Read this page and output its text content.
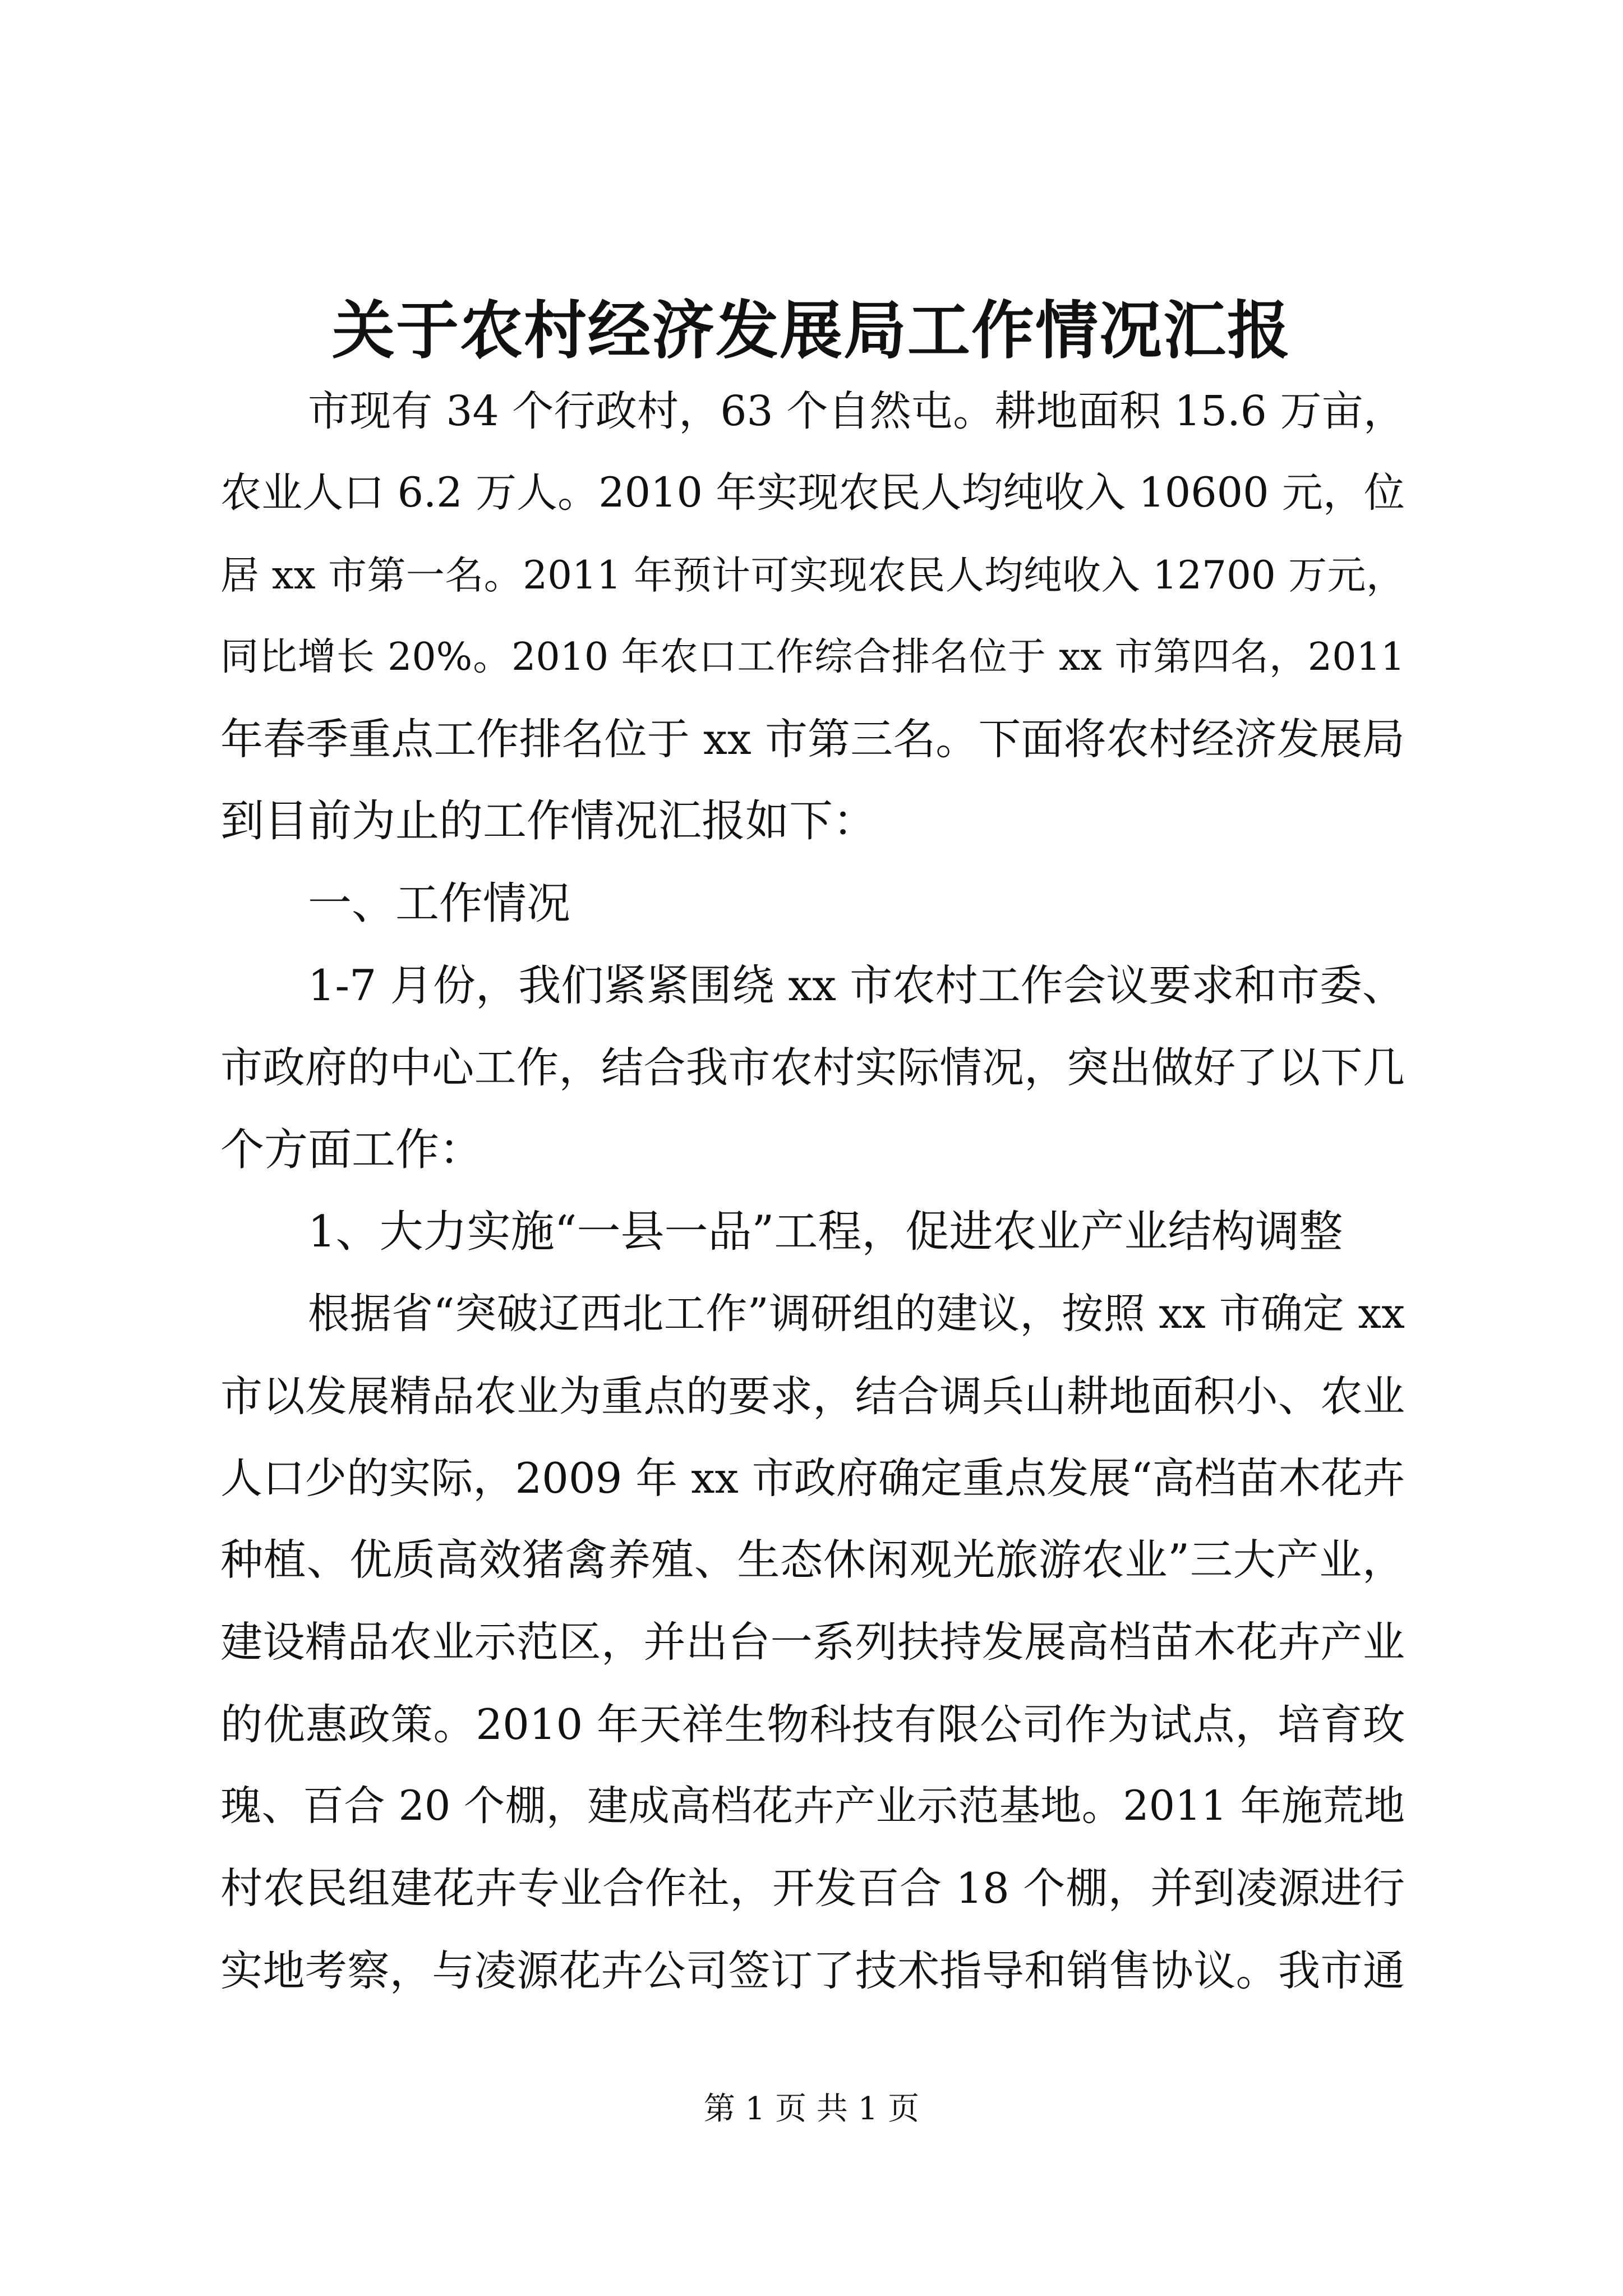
关于农村经济发展局工作情况汇报
市现有 34 个行政村，63 个自然屯。耕地面积 15.6 万亩，
农业人口 6.2 万人。2010 年实现农民人均纯收入 10600 元，位
居 xx 市第一名。2011 年预计可实现农民人均纯收入 12700 万元，
同比增长 20%。2010 年农口工作综合排名位于 xx 市第四名，2011
年春季重点工作排名位于 xx 市第三名。下面将农村经济发展局
到目前为止的工作情况汇报如下：
一、工作情况
1-7 月份，我们紧紧围绕 xx 市农村工作会议要求和市委、
市政府的中心工作，结合我市农村实际情况，突出做好了以下几
个方面工作：
1、大力实施“一县一品”工程，促进农业产业结构调整
根据省“突破辽西北工作”调研组的建议，按照 xx 市确定 xx
市以发展精品农业为重点的要求，结合调兵山耕地面积小、农业
人口少的实际，2009 年 xx 市政府确定重点发展“高档苗木花卉
种植、优质高效猪禽养殖、生态休闲观光旅游农业”三大产业，
建设精品农业示范区，并出台一系列扶持发展高档苗木花卉产业
的优惠政策。2010 年天祥生物科技有限公司作为试点，培育玫
瑰、百合 20 个棚，建成高档花卉产业示范基地。2011 年施荒地
村农民组建花卉专业合作社，开发百合 18 个棚，并到凌源进行
实地考察，与凌源花卉公司签订了技术指导和销售协议。我市通
第 1 页 共 1 页
